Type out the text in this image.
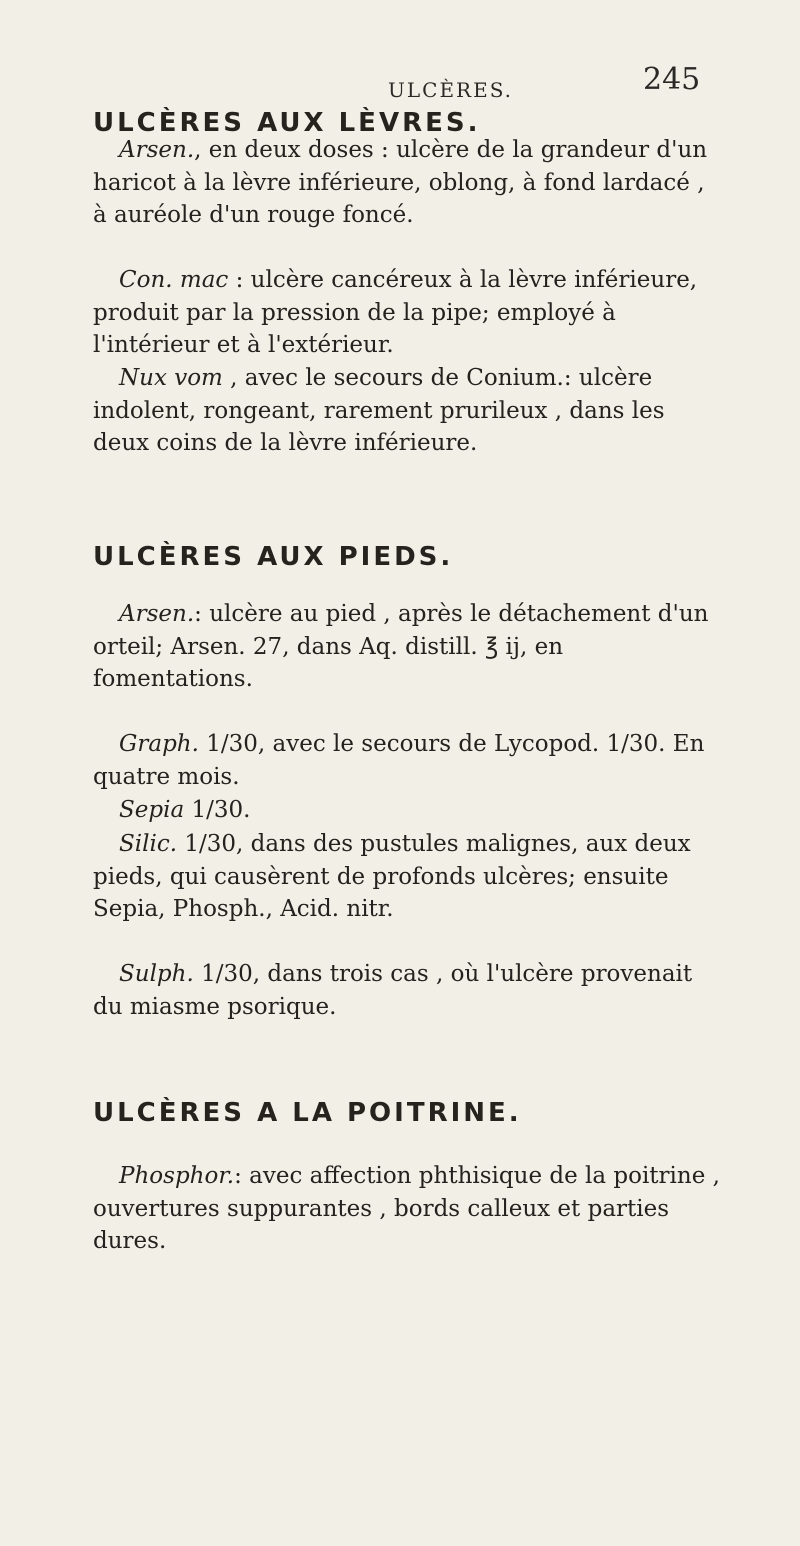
ULCÈRES.	245
ULCÈRES AUX LÈVRES.

Arsen., en deux doses : ulcère de la grandeur d'un haricot à la lèvre inférieure, oblong, à fond lardacé , à auréole d'un rouge foncé.

Con. mac : ulcère cancéreux à la lèvre inférieure, produit par la pression de la pipe; employé à l'intérieur et à l'extérieur.

Nux vom , avec le secours de Conium.: ulcère indolent, rongeant, rarement prurileux , dans les deux coins de la lèvre inférieure.

ULCÈRES AUX PIEDS.

Arsen.: ulcère au pied , après le détachement d'un orteil; Arsen. 27, dans Aq. distill. ℥ ij, en fomentations.

Graph. 1/30, avec le secours de Lycopod. 1/30. En quatre mois.

Sepia 1/30.

Silic. 1/30, dans des pustules malignes, aux deux pieds, qui causèrent de profonds ulcères; ensuite Sepia, Phosph., Acid. nitr.

Sulph. 1/30, dans trois cas , où l'ulcère provenait du miasme psorique.

ULCÈRES A LA POITRINE.

Phosphor.: avec affection phthisique de la poitrine , ouvertures suppurantes , bords calleux et parties dures.
